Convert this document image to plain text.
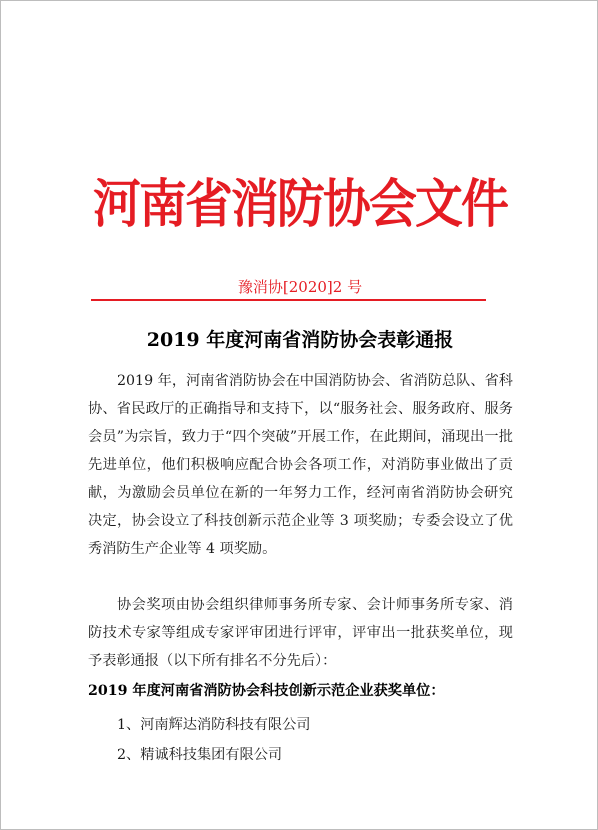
河南省消防协会文件
豫消协[2020]2 号
2019 年度河南省消防协会表彰通报

2019 年，河南省消防协会在中国消防协会、省消防总队、省科协、省民政厅的正确指导和支持下，以“服务社会、服务政府、服务会员”为宗旨，致力于“四个突破”开展工作，在此期间，涌现出一批先进单位，他们积极响应配合协会各项工作，对消防事业做出了贡献，为激励会员单位在新的一年努力工作，经河南省消防协会研究决定，协会设立了科技创新示范企业等 3 项奖励；专委会设立了优秀消防生产企业等 4 项奖励。

协会奖项由协会组织律师事务所专家、会计师事务所专家、消防技术专家等组成专家评审团进行评审，评审出一批获奖单位，现予表彰通报（以下所有排名不分先后）：

2019 年度河南省消防协会科技创新示范企业获奖单位：

1、河南辉达消防科技有限公司

2、精诚科技集团有限公司
